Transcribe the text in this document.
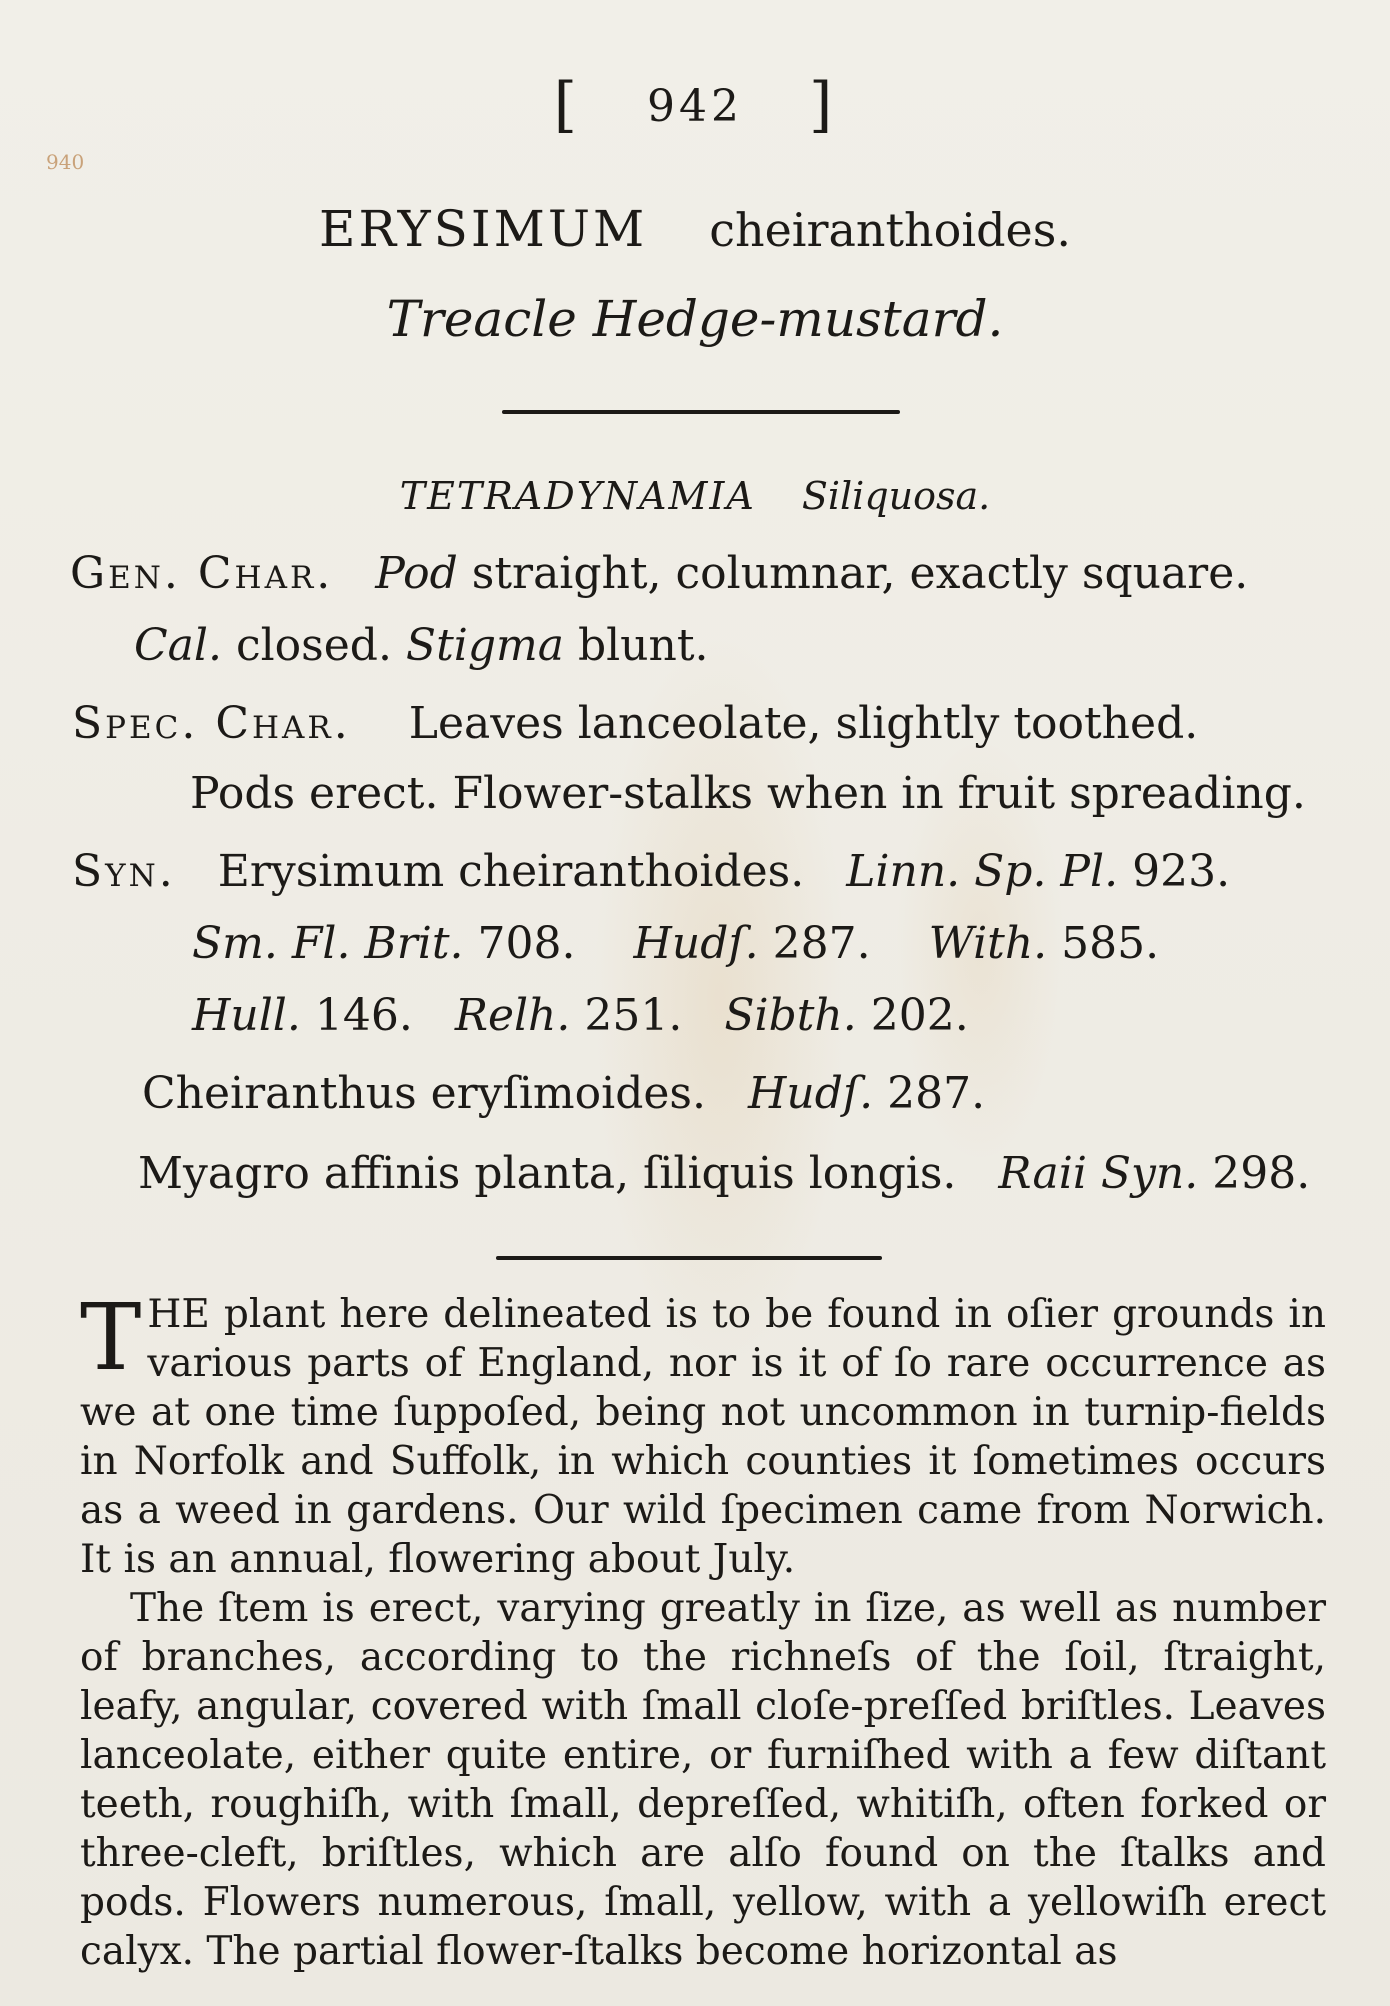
[ 942 ]
940
ERYSIMUM cheiranthoides.
Treacle Hedge-mustard.
TETRADYNAMIA Siliquosa.
Gen. Char. Pod straight, columnar, exactly square.
Cal. closed. Stigma blunt.
Spec. Char. Leaves lanceolate, slightly toothed.
Pods erect. Flower-stalks when in fruit spreading.
Syn. Erysimum cheiranthoides. Linn. Sp. Pl. 923.
Sm. Fl. Brit. 708. Hudſ. 287. With. 585.
Hull. 146. Relh. 251. Sibth. 202.
Cheiranthus eryſimoides. Hudſ. 287.
Myagro affinis planta, ſiliquis longis. Raii Syn. 298.

THE plant here delineated is to be found in oſier grounds in various parts of England, nor is it of ſo rare occurrence as we at one time ſuppoſed, being not uncommon in turnip-fields in Norfolk and Suffolk, in which counties it ſometimes occurs as a weed in gardens. Our wild ſpecimen came from Norwich. It is an annual, flowering about July.

The ſtem is erect, varying greatly in ſize, as well as number of branches, according to the richneſs of the ſoil, ſtraight, leafy, angular, covered with ſmall cloſe-preſſed briſtles. Leaves lanceolate, either quite entire, or furniſhed with a few diſtant teeth, roughiſh, with ſmall, depreſſed, whitiſh, often forked or three-cleft, briſtles, which are alſo found on the ſtalks and pods. Flowers numerous, ſmall, yellow, with a yellowiſh erect calyx. The partial flower-ſtalks become horizontal as
